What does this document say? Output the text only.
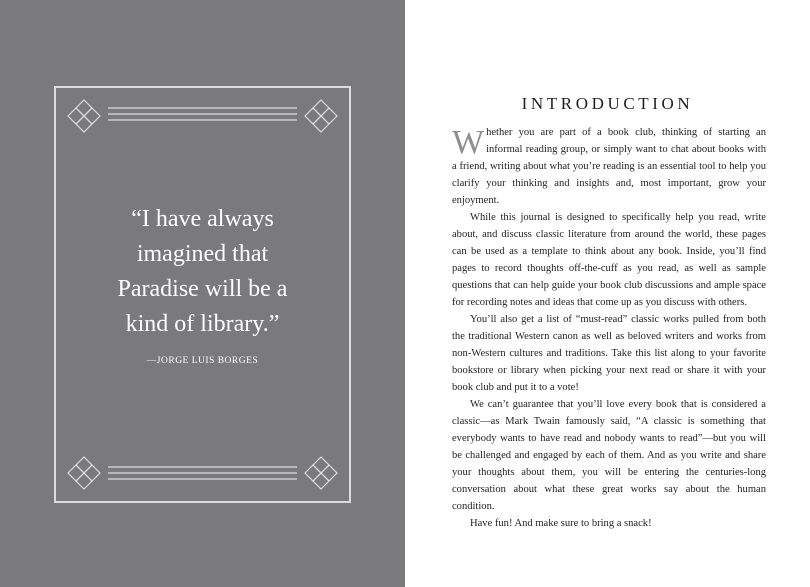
“I have always

imagined that

Paradise will be a

kind of library.”

—JORGE LUIS BORGES
INTRODUCTION

Whether you are part of a book club, thinking of starting an informal reading group, or simply want to chat about books with a friend, writing about what you’re reading is an essential tool to help you clarify your thinking and insights and, most important, grow your enjoyment.

While this journal is designed to specifically help you read, write about, and discuss classic literature from around the world, these pages can be used as a template to think about any book. Inside, you’ll find pages to record thoughts off-the-cuff as you read, as well as sample questions that can help guide your book club discussions and ample space for recording notes and ideas that come up as you discuss with others.

You’ll also get a list of “must-read” classic works pulled from both the traditional Western canon as well as beloved writers and works from non-Western cultures and traditions. Take this list along to your favorite bookstore or library when picking your next read or share it with your book club and put it to a vote!

We can’t guarantee that you’ll love every book that is considered a classic—as Mark Twain famously said, “A classic is something that everybody wants to have read and nobody wants to read”—but you will be challenged and engaged by each of them. And as you write and share your thoughts about them, you will be entering the centuries-long conversation about what these great works say about the human condition.

Have fun! And make sure to bring a snack!
